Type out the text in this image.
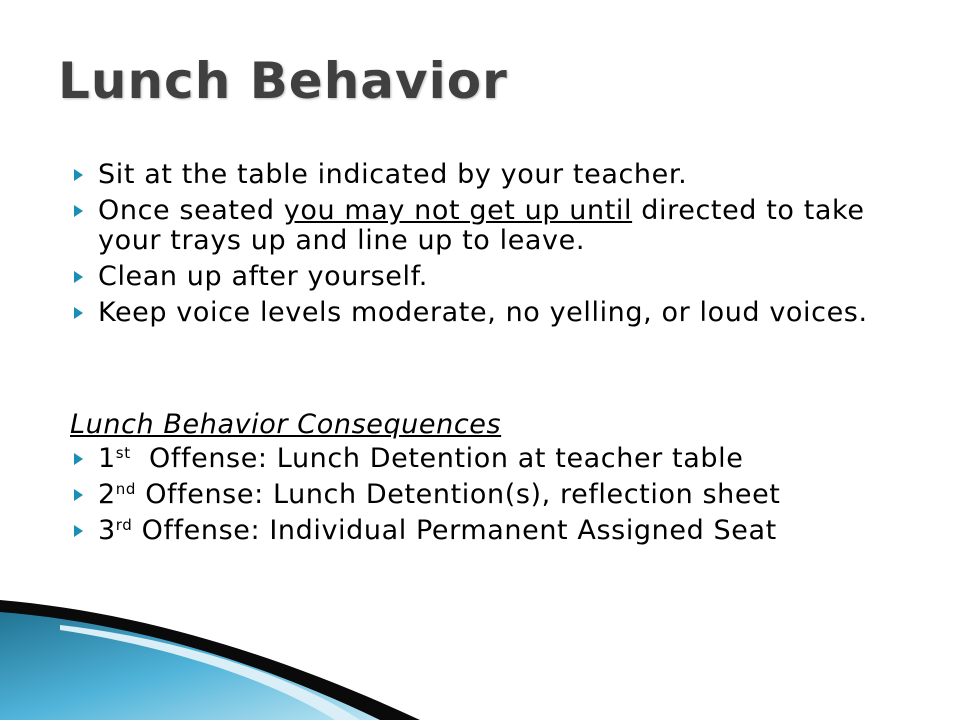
Lunch Behavior
Sit at the table indicated by your teacher.
Once seated you may not get up until directed to take your trays up and line up to leave.
Clean up after yourself.
Keep voice levels moderate, no yelling, or loud voices.
Lunch Behavior Consequences
1st  Offense: Lunch Detention at teacher table
2nd Offense: Lunch Detention(s), reflection sheet
3rd Offense: Individual Permanent Assigned Seat
